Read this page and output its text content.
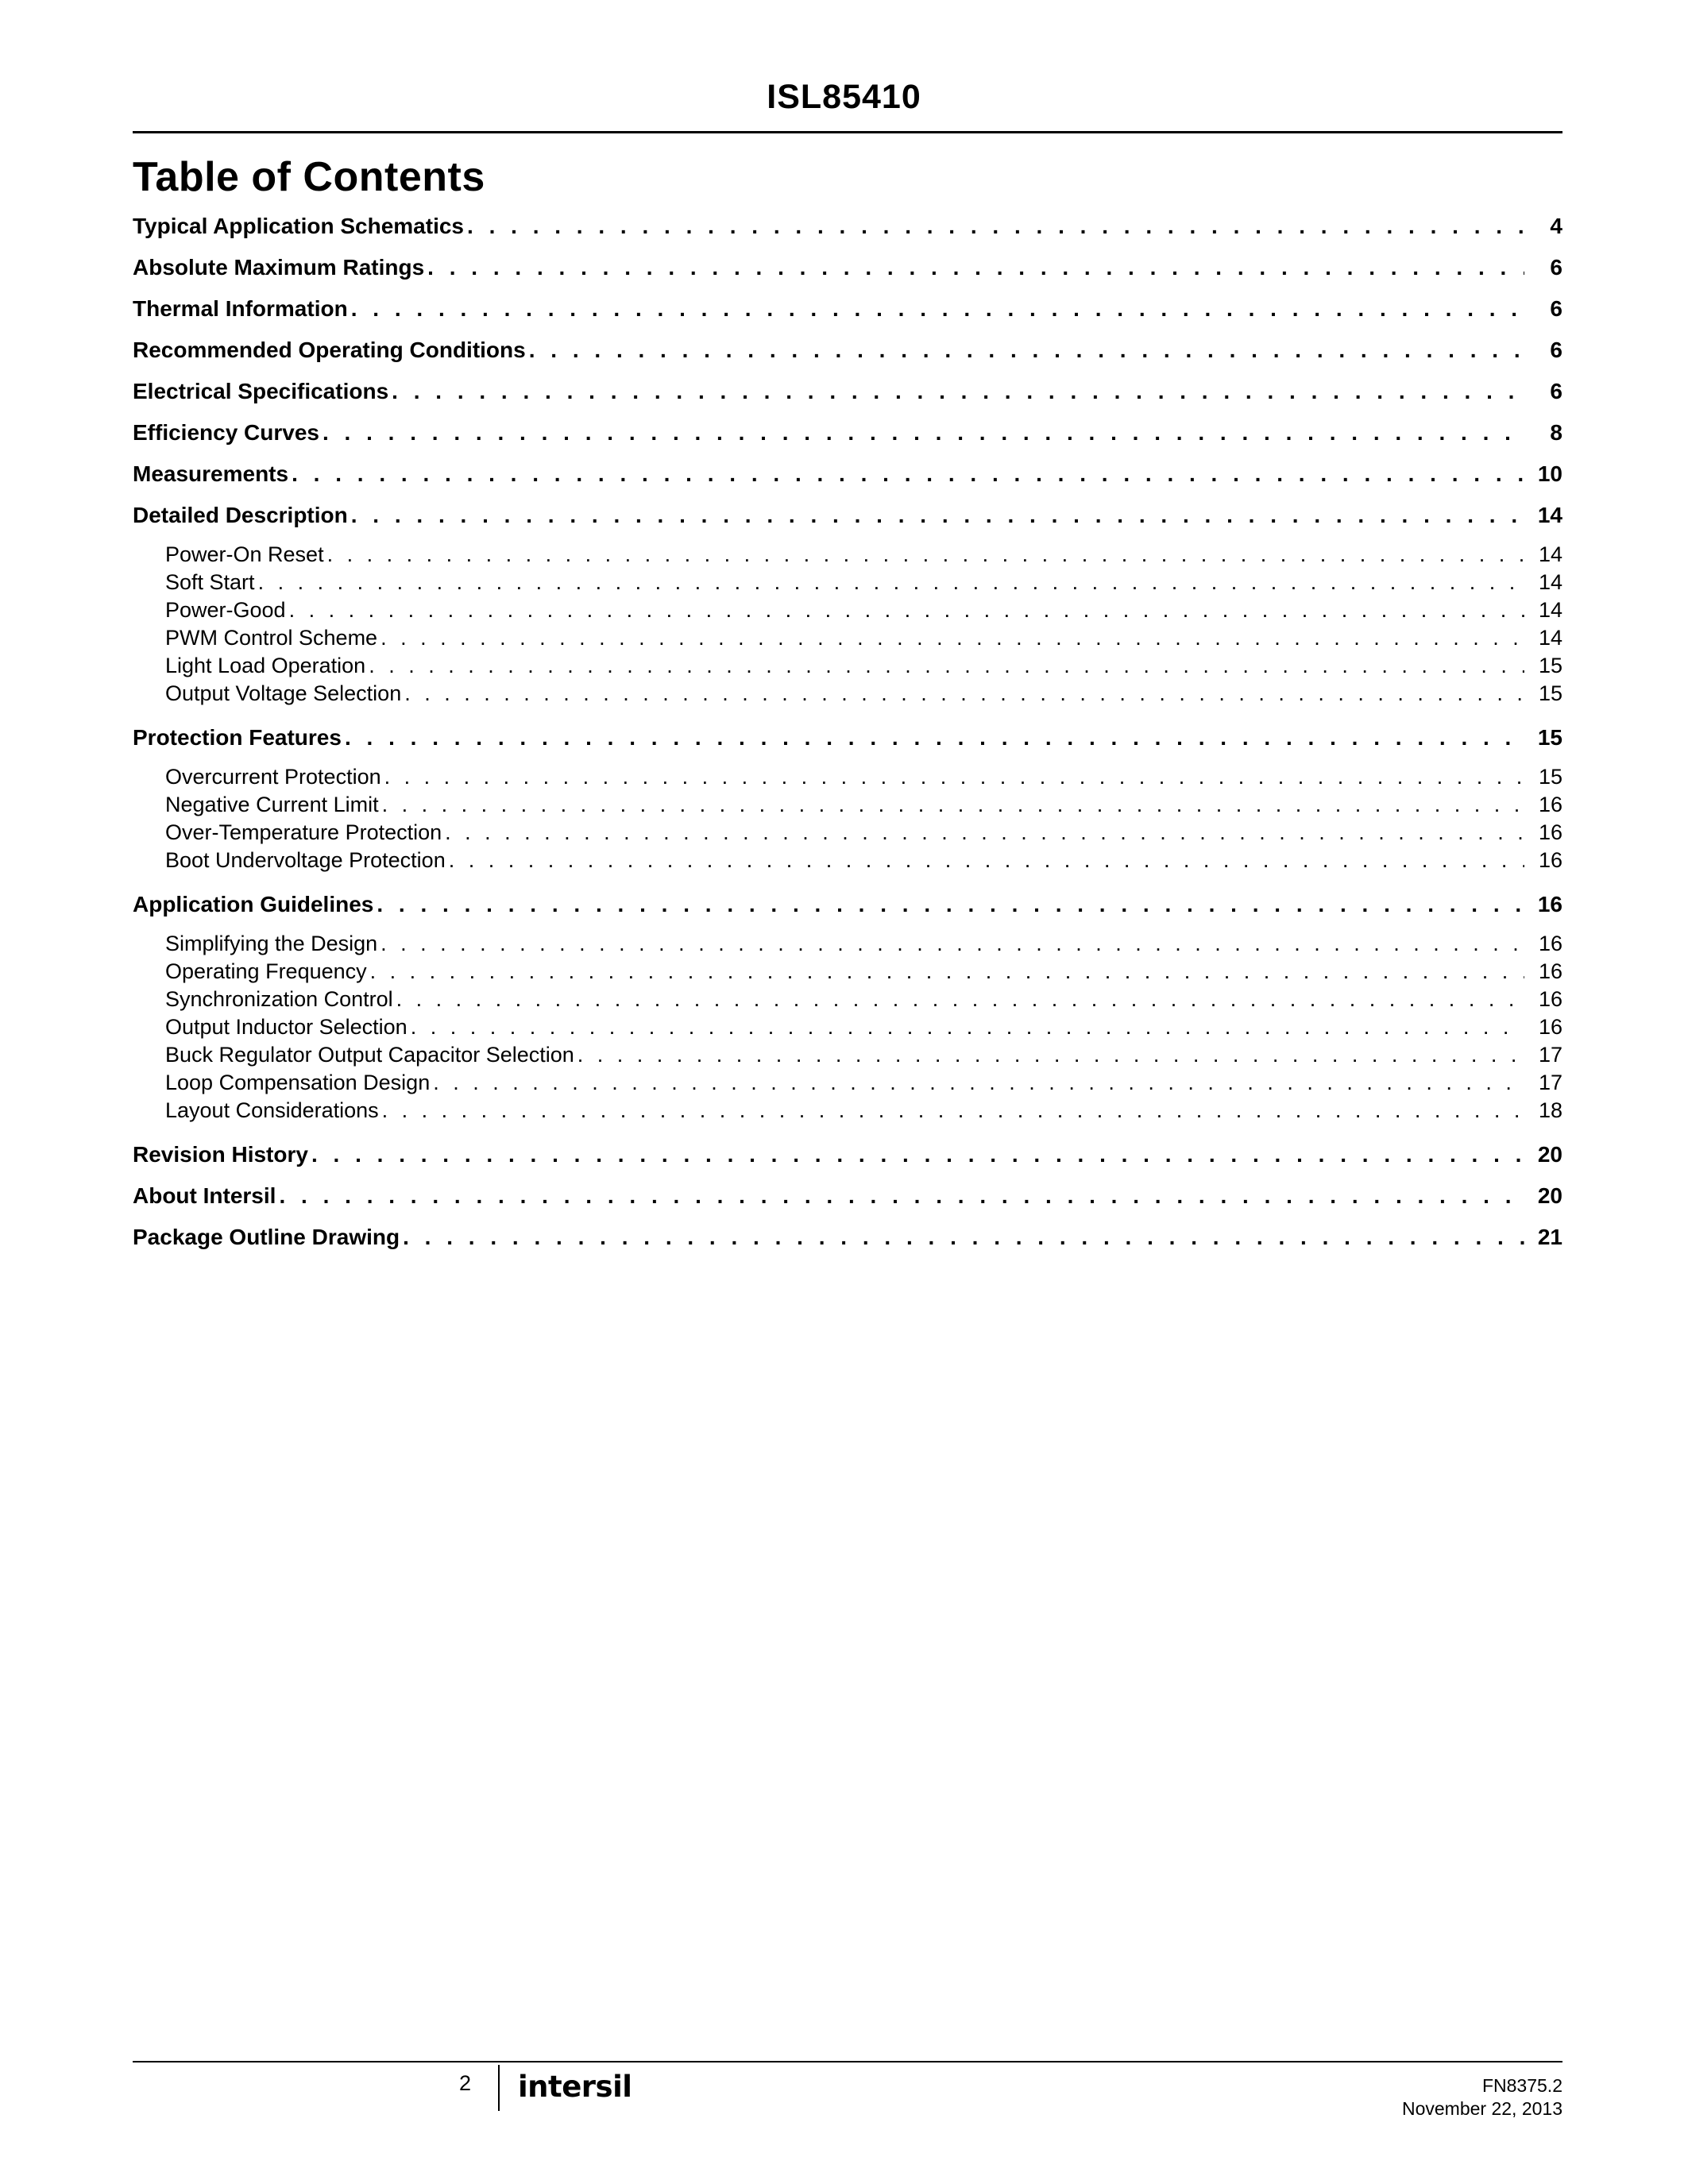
ISL85410
Table of Contents
Typical Application Schematics . . .	4
Absolute Maximum Ratings . . .	6
Thermal Information . . .	6
Recommended Operating Conditions . . .	6
Electrical Specifications . . .	6
Efficiency Curves . . .	8
Measurements . . .	10
Detailed Description . . .	14
Power-On Reset . . .	14
Soft Start . . .	14
Power-Good . . .	14
PWM Control Scheme . . .	14
Light Load Operation . . .	15
Output Voltage Selection . . .	15
Protection Features . . .	15
Overcurrent Protection . . .	15
Negative Current Limit . . .	16
Over-Temperature Protection . . .	16
Boot Undervoltage Protection . . .	16
Application Guidelines . . .	16
Simplifying the Design . . .	16
Operating Frequency . . .	16
Synchronization Control . . .	16
Output Inductor Selection . . .	16
Buck Regulator Output Capacitor Selection . . .	17
Loop Compensation Design . . .	17
Layout Considerations . . .	18
Revision History . . .	20
About Intersil . . .	20
Package Outline Drawing . . .	21
2 intersil	FN8375.2
November 22, 2013
